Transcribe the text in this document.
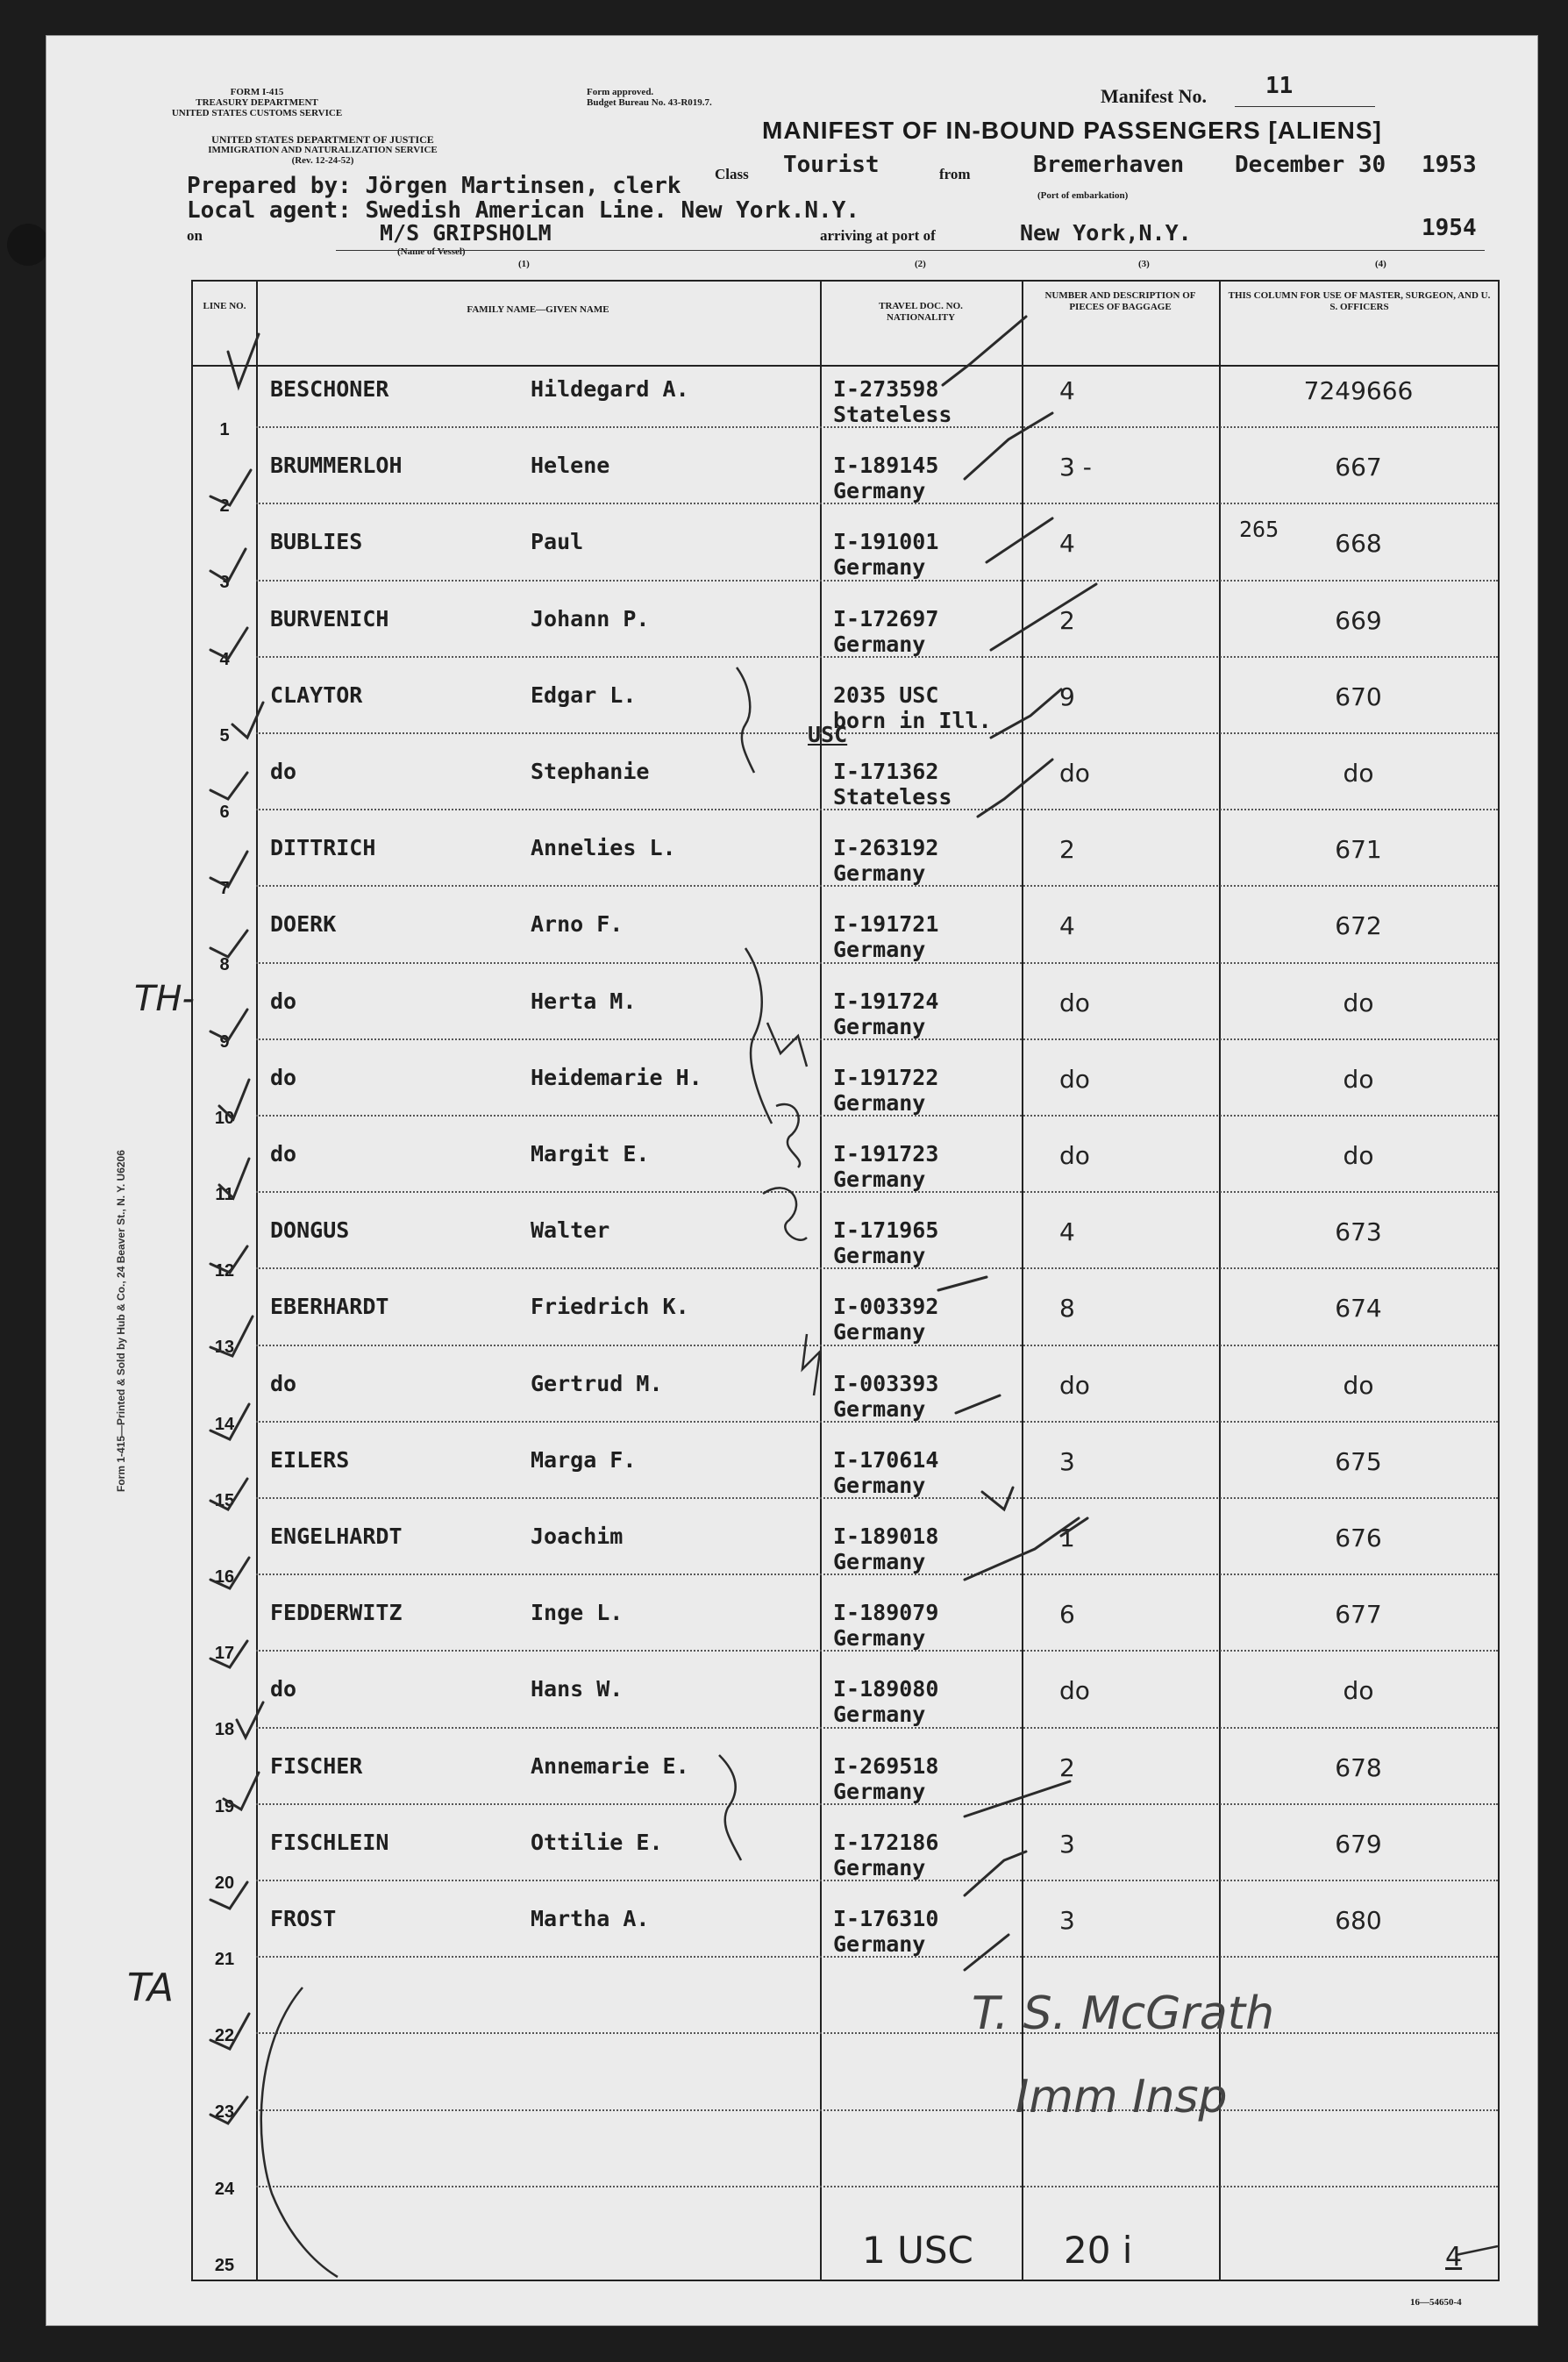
FORM I-415
TREASURY DEPARTMENT
UNITED STATES CUSTOMS SERVICE
Form approved.
Budget Bureau No. 43-R019.7.
UNITED STATES DEPARTMENT OF JUSTICE
IMMIGRATION AND NATURALIZATION SERVICE
(Rev. 12-24-52)
Manifest No.	11
MANIFEST OF IN-BOUND PASSENGERS [ALIENS]
Class Tourist	from	Bremerhaven
(Port of embarkation)
December 30 1953
Prepared by: Jörgen Martinsen, clerk
Local agent: Swedish American Line. New York.N.Y.
on	M/S GRIPSHOLM
(Name of Vessel)
arriving at port of	New York,N.Y.	1954
(1)	(2)	(3)	(4)
Form 1-415—Printed & Sold by Hub & Co., 24 Beaver St., N. Y. U6206
LINE NO.	FAMILY NAME—GIVEN NAME	TRAVEL DOC. NO. NATIONALITY
NUMBER AND DESCRIPTION OF PIECES OF BAGGAGE
THIS COLUMN FOR USE OF MASTER, SURGEON, AND U. S. OFFICERS
1
BESCHONER	Hildegard A.	I-273598
Stateless
4	7249666
2
BRUMMERLOH	Helene	I-189145
Germany
3 -	667
3
BUBLIES	Paul	I-191001
Germany
4	668
4
BURVENICH	Johann P.	I-172697
Germany
2	669
5
CLAYTOR	Edgar L.	2035 USC
born in Ill.
9	670
6
do	Stephanie	I-171362
Stateless
do	do
7
DITTRICH	Annelies L.	I-263192
Germany
2	671
8
DOERK	Arno F.	I-191721
Germany
4	672
9
do	Herta M.	I-191724
Germany
do	do
10
do	Heidemarie H.	I-191722
Germany
do	do
11
do	Margit E.	I-191723
Germany
do	do
12
DONGUS	Walter	I-171965
Germany
4	673
13
EBERHARDT	Friedrich K.	I-003392
Germany
8	674
14
do	Gertrud M.	I-003393
Germany
do	do
15
EILERS	Marga F.	I-170614
Germany
3	675
16
ENGELHARDT	Joachim	I-189018
Germany
1	676
17
FEDDERWITZ	Inge L.	I-189079
Germany
6	677
18
do	Hans W.	I-189080
Germany
do	do
19
FISCHER	Annemarie E.	I-269518
Germany
2	678
20
FISCHLEIN	Ottilie E.	I-172186
Germany
3	679
21
FROST	Martha A.	I-176310
Germany
3	680
22
23
24
25
USC
265
TH-
TA	T. S. McGrath
Imm Insp
1 USC 20 i	4
16—54650-4
